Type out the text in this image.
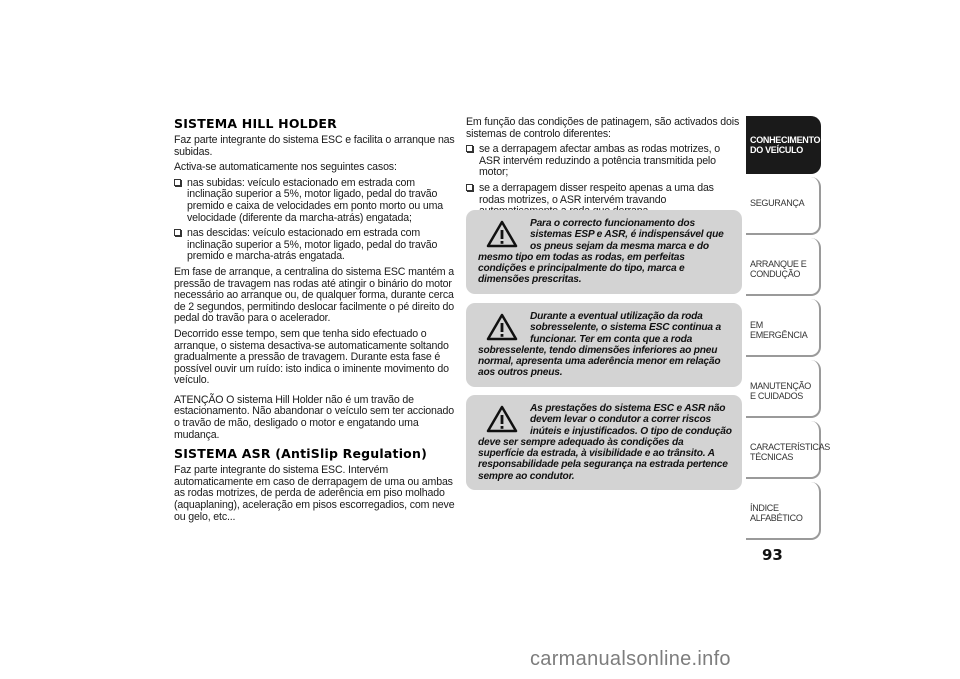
SISTEMA HILL HOLDER

Faz parte integrante do sistema ESC e facilita o arranque nas subidas.

Activa-se automaticamente nos seguintes casos:

nas subidas: veículo estacionado em estrada com inclinação superior a 5%, motor ligado, pedal do travão premido e caixa de velocidades em ponto morto ou uma velocidade (diferente da marcha-atrás) engatada;

nas descidas: veículo estacionado em estrada com inclinação superior a 5%, motor ligado, pedal do travão premido e marcha-atrás engatada.

Em fase de arranque, a centralina do sistema ESC mantém a pressão de travagem nas rodas até atingir o binário do motor necessário ao arranque ou, de qualquer forma, durante cerca de 2 segundos, permitindo deslocar facilmente o pé direito do pedal do travão para o acelerador.

Decorrido esse tempo, sem que tenha sido efectuado o arranque, o sistema desactiva-se automaticamente soltando gradualmente a pressão de travagem. Durante esta fase é possível ouvir um ruído: isto indica o iminente movimento do veículo.

ATENÇÃO O sistema Hill Holder não é um travão de estacionamento. Não abandonar o veículo sem ter accionado o travão de mão, desligado o motor e engatando uma mudança.

SISTEMA ASR (AntiSlip Regulation)

Faz parte integrante do sistema ESC. Intervém automaticamente em caso de derrapagem de uma ou ambas as rodas motrizes, de perda de aderência em piso molhado (aquaplaning), aceleração em pisos escorregadios, com neve ou gelo, etc...

Em função das condições de patinagem, são activados dois sistemas de controlo diferentes:

se a derrapagem afectar ambas as rodas motrizes, o ASR intervém reduzindo a potência transmitida pelo motor;

se a derrapagem disser respeito apenas a uma das rodas motrizes, o ASR intervém travando

Para o correcto funcionamento dos sistemas ESP e ASR, é indispensável que os pneus sejam da mesma marca e do mesmo tipo em todas as rodas, em perfeitas condições e principalmente do tipo, marca e dimensões prescritas.
Durante a eventual utilização da roda sobresselente, o sistema ESC continua a funcionar. Ter em conta que a roda sobresselente, tendo dimensões inferiores ao pneu normal, apresenta uma aderência menor em relação aos outros pneus.
As prestações do sistema ESC e ASR não devem levar o condutor a correr riscos inúteis e injustificados. O tipo de condução deve ser sempre adequado às condições da superfície da estrada, à visibilidade e ao trânsito. A responsabilidade pela segurança na estrada pertence sempre ao condutor.
CONHECIMENTO DO VEÍCULO
SEGURANÇA
ARRANQUE E CONDUÇÃO
EM EMERGÊNCIA
MANUTENÇÃO E CUIDADOS
CARACTERÍSTICAS TÉCNICAS
ÍNDICE ALFABÉTICO
93
carmanualsonline.info
